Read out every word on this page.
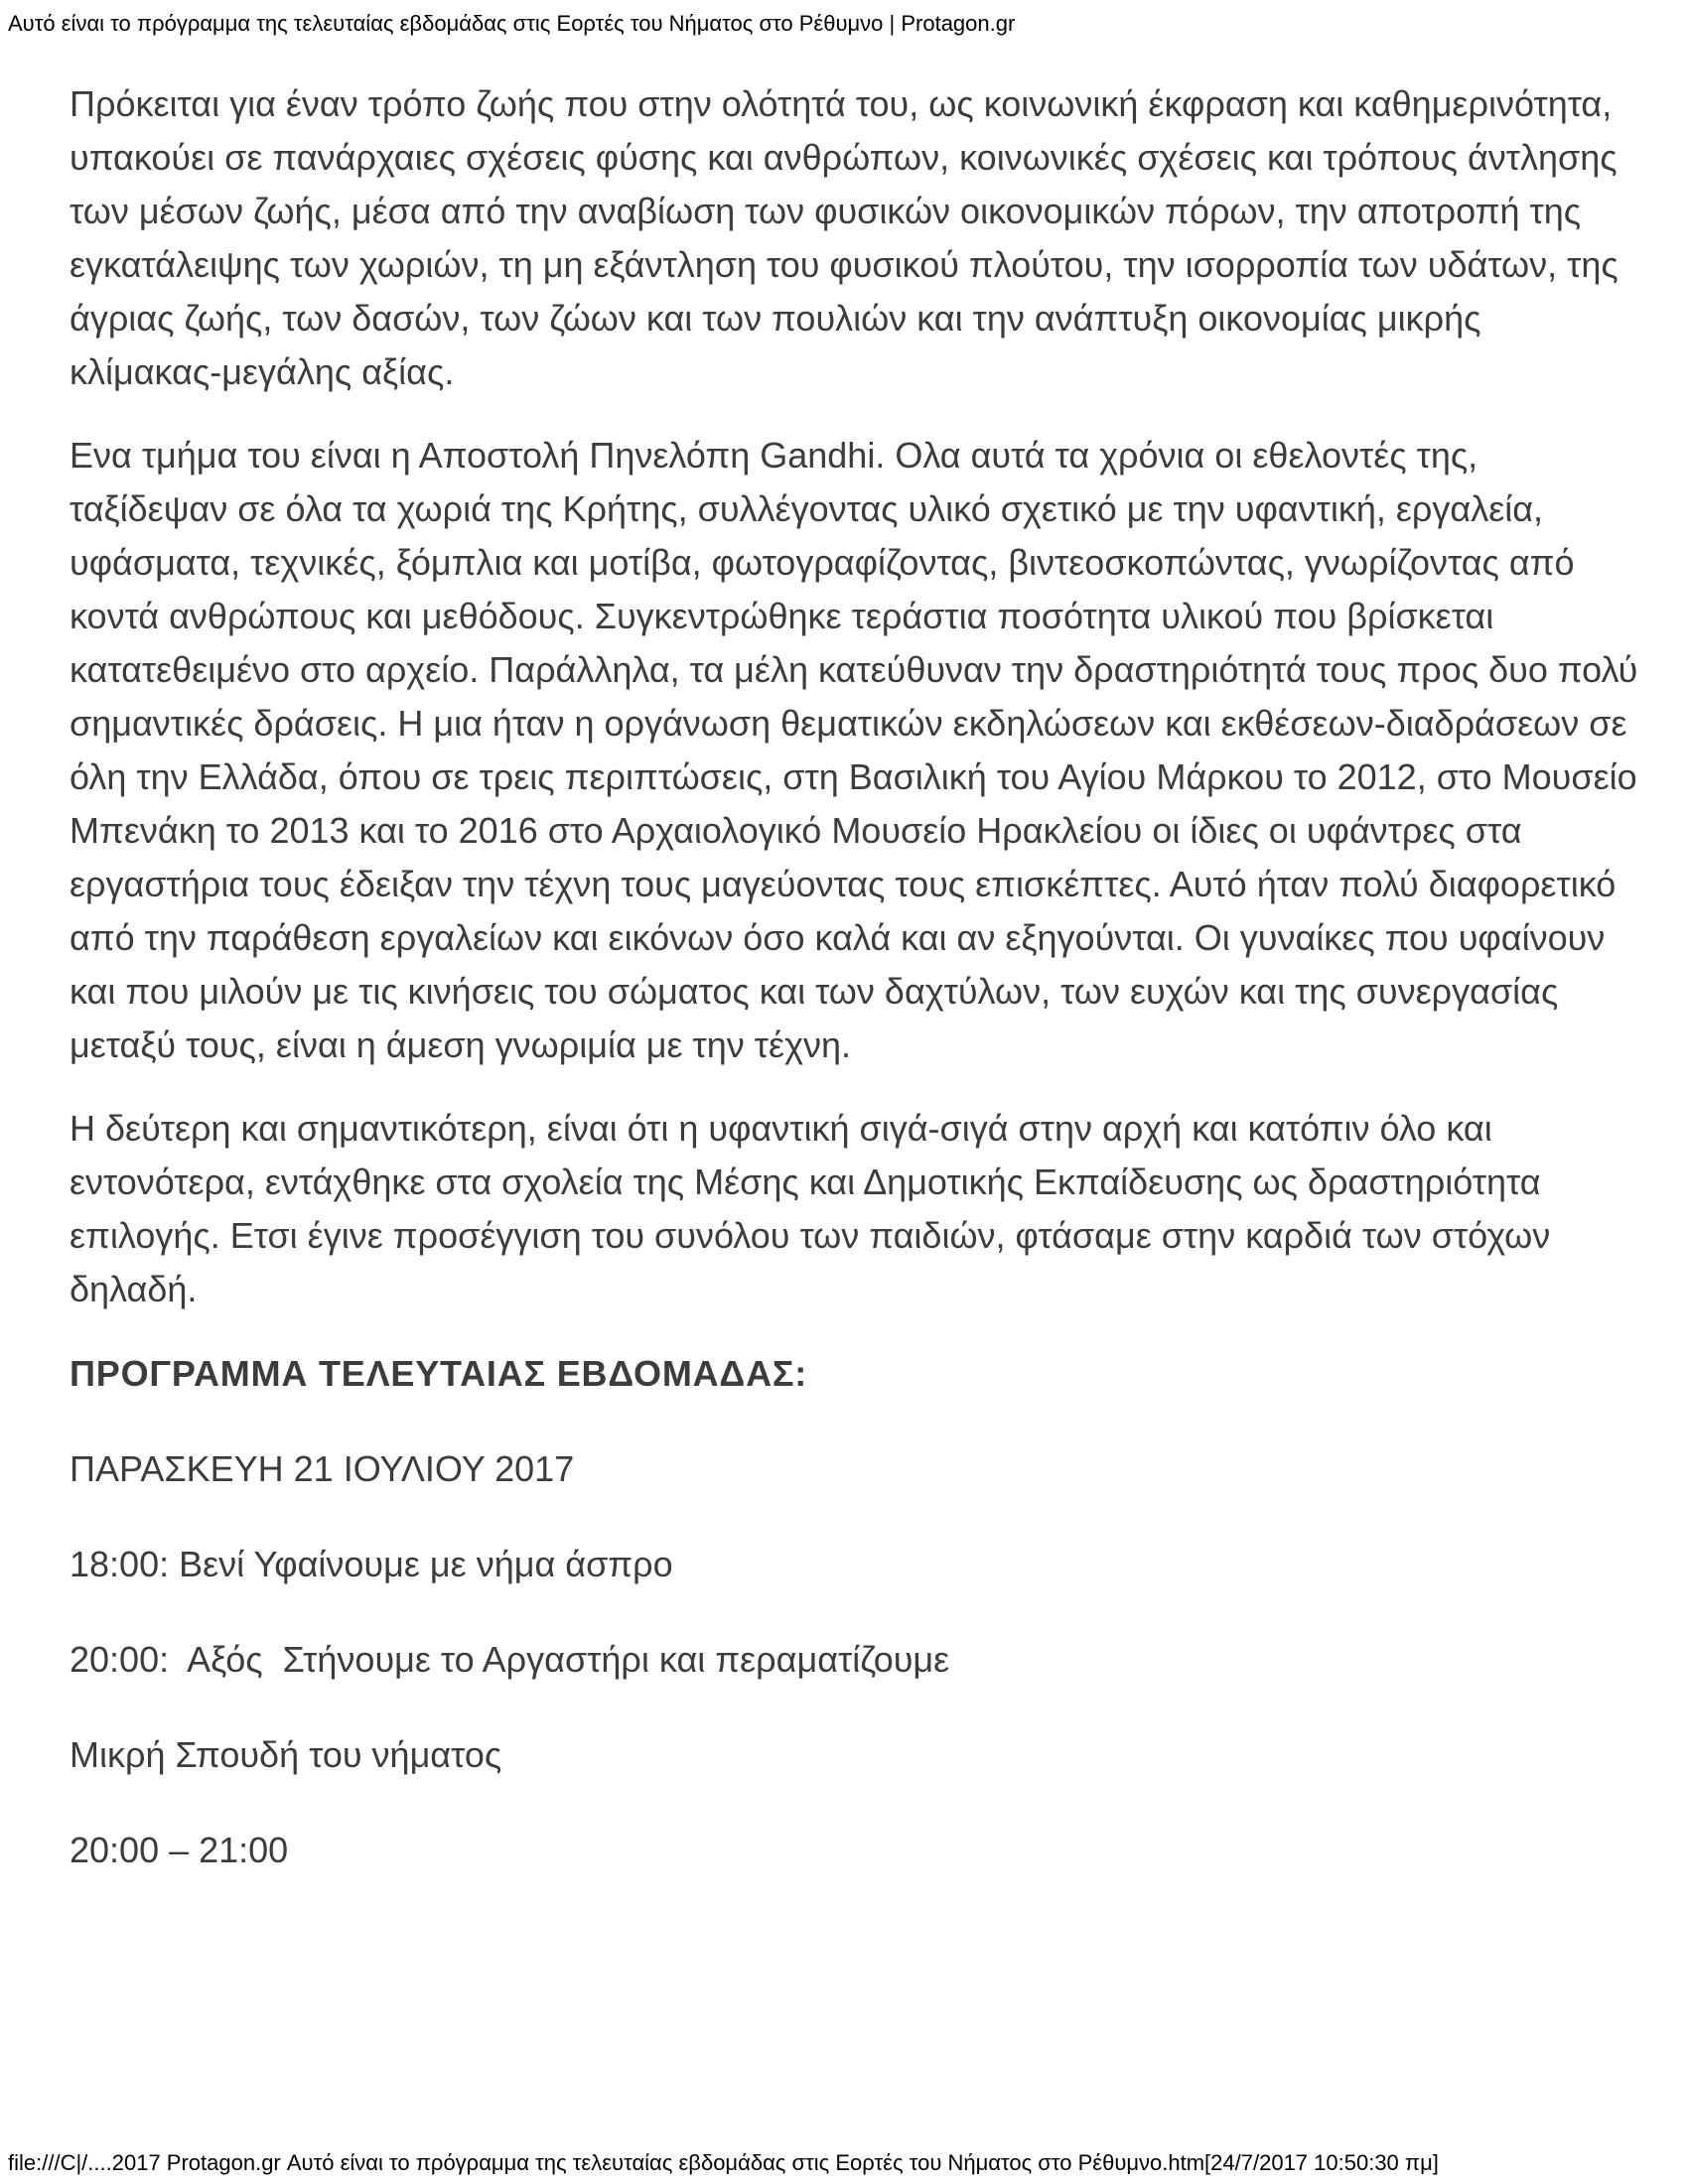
Αυτό είναι το πρόγραμμα της τελευταίας εβδομάδας στις Εορτές του Νήματος στο Ρέθυμνο | Protagon.gr

Πρόκειται για έναν τρόπο ζωής που στην ολότητά του, ως κοινωνική έκφραση και καθημερινότητα, υπακούει σε πανάρχαιες σχέσεις φύσης και ανθρώπων, κοινωνικές σχέσεις και τρόπους άντλησης των μέσων ζωής, μέσα από την αναβίωση των φυσικών οικονομικών πόρων, την αποτροπή της εγκατάλειψης των χωριών, τη μη εξάντληση του φυσικού πλούτου, την ισορροπία των υδάτων, της άγριας ζωής, των δασών, των ζώων και των πουλιών και την ανάπτυξη οικονομίας μικρής κλίμακας-μεγάλης αξίας.

Ενα τμήμα του είναι η Αποστολή Πηνελόπη Gandhi. Ολα αυτά τα χρόνια οι εθελοντές της, ταξίδεψαν σε όλα τα χωριά της Κρήτης, συλλέγοντας υλικό σχετικό με την υφαντική, εργαλεία, υφάσματα, τεχνικές, ξόμπλια και μοτίβα, φωτογραφίζοντας, βιντεοσκοπώντας, γνωρίζοντας από κοντά ανθρώπους και μεθόδους. Συγκεντρώθηκε τεράστια ποσότητα υλικού που βρίσκεται κατατεθειμένο στο αρχείο. Παράλληλα, τα μέλη κατεύθυναν την δραστηριότητά τους προς δυο πολύ σημαντικές δράσεις. Η μια ήταν η οργάνωση θεματικών εκδηλώσεων και εκθέσεων-διαδράσεων σε όλη την Ελλάδα, όπου σε τρεις περιπτώσεις, στη Βασιλική του Αγίου Μάρκου το 2012, στο Μουσείο Μπενάκη το 2013 και το 2016 στο Αρχαιολογικό Μουσείο Ηρακλείου οι ίδιες οι υφάντρες στα εργαστήρια τους έδειξαν την τέχνη τους μαγεύοντας τους επισκέπτες. Αυτό ήταν πολύ διαφορετικό από την παράθεση εργαλείων και εικόνων όσο καλά και αν εξηγούνται. Οι γυναίκες που υφαίνουν και που μιλούν με τις κινήσεις του σώματος και των δαχτύλων, των ευχών και της συνεργασίας μεταξύ τους, είναι η άμεση γνωριμία με την τέχνη.

Η δεύτερη και σημαντικότερη, είναι ότι η υφαντική σιγά-σιγά στην αρχή και κατόπιν όλο και εντονότερα, εντάχθηκε στα σχολεία της Μέσης και Δημοτικής Εκπαίδευσης ως δραστηριότητα επιλογής. Ετσι έγινε προσέγγιση του συνόλου των παιδιών, φτάσαμε στην καρδιά των στόχων δηλαδή.

ΠΡΟΓΡΑΜΜΑ ΤΕΛΕΥΤΑΙΑΣ ΕΒΔΟΜΑΔΑΣ:
ΠΑΡΑΣΚΕΥΗ 21 ΙΟΥΛΙΟΥ 2017
18:00: Βενί Υφαίνουμε με νήμα άσπρο
20:00:  Αξός  Στήνουμε το Αργαστήρι και περαματίζουμε
Μικρή Σπουδή του νήματος
20:00 – 21:00
file:///C|/....2017 Protagon.gr Αυτό είναι το πρόγραμμα της τελευταίας εβδομάδας στις Εορτές του Νήματος στο Ρέθυμνο.htm[24/7/2017 10:50:30 πμ]
